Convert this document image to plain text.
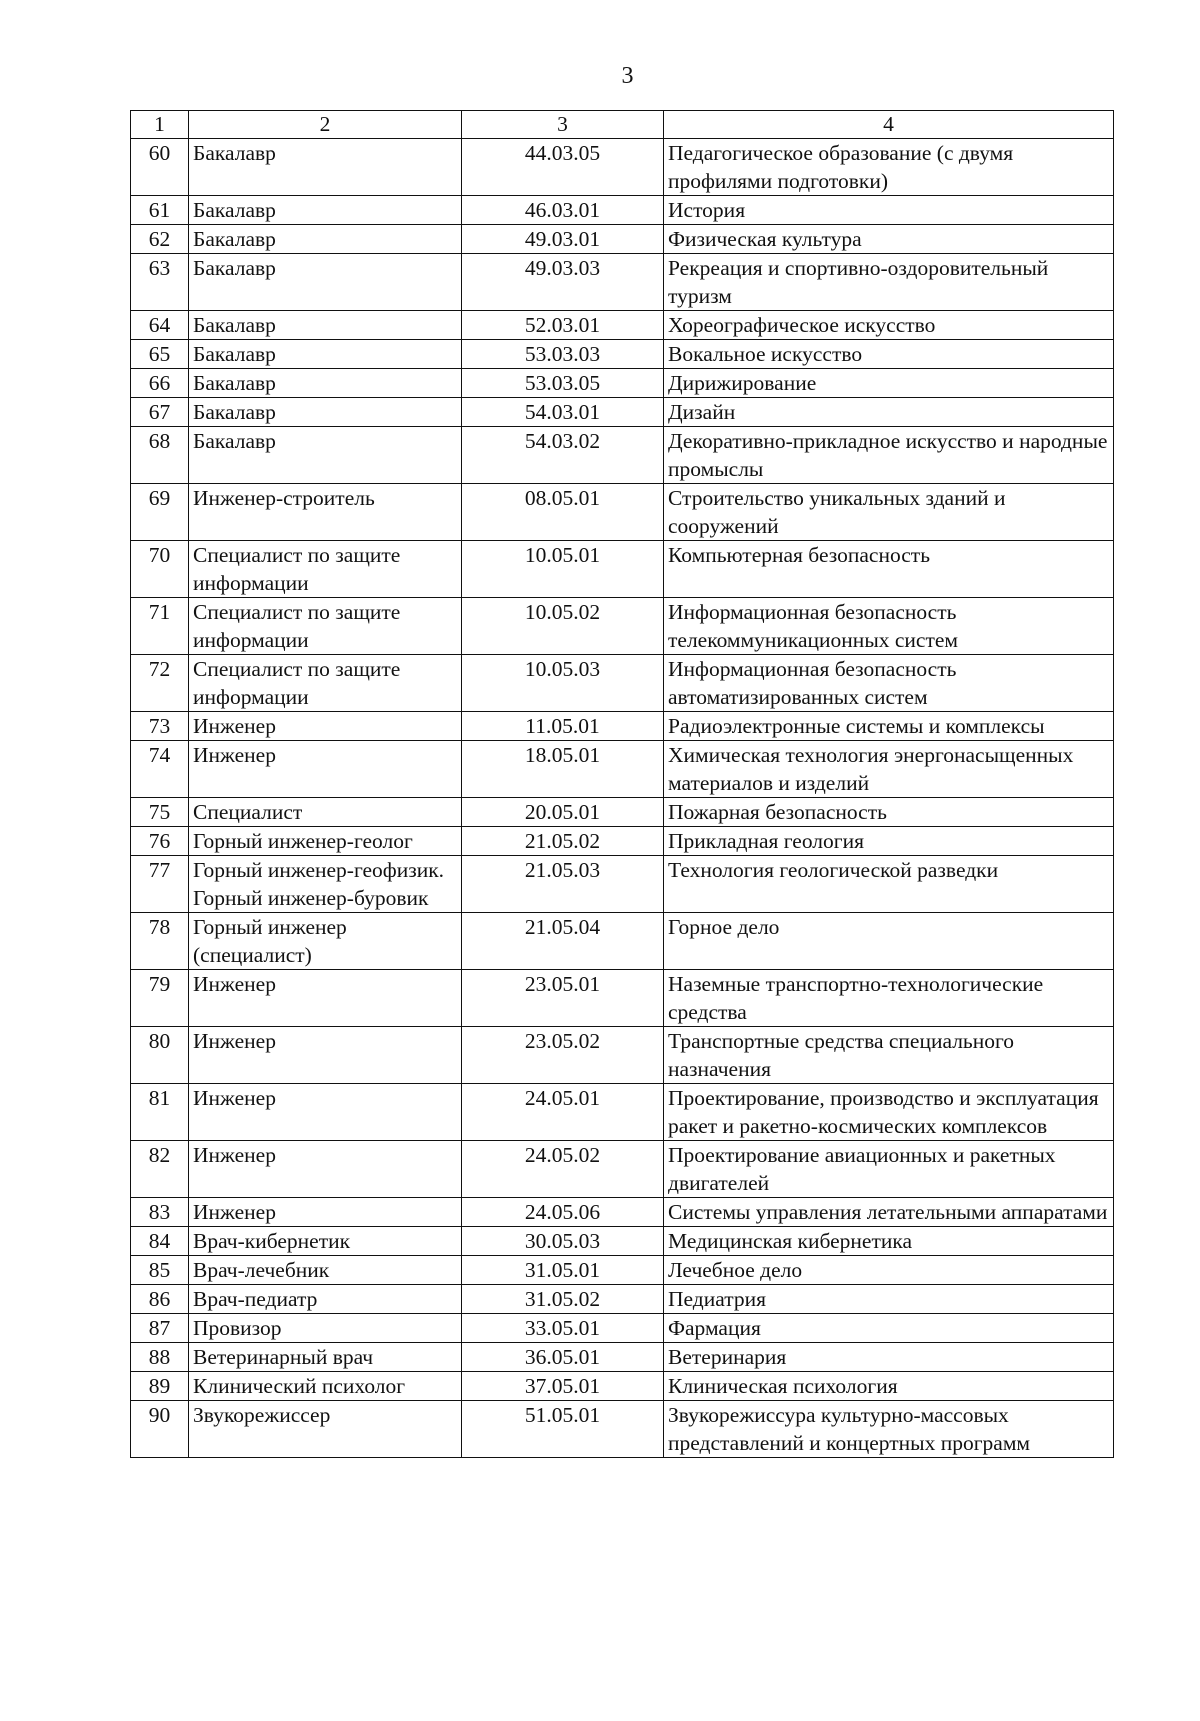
3
1	2	3	4
60	Бакалавр	44.03.05	Педагогическое образование (с двумя профилями подготовки)
61	Бакалавр	46.03.01	История
62	Бакалавр	49.03.01	Физическая культура
63	Бакалавр	49.03.03	Рекреация и спортивно-оздоровительный туризм
64	Бакалавр	52.03.01	Хореографическое искусство
65	Бакалавр	53.03.03	Вокальное искусство
66	Бакалавр	53.03.05	Дирижирование
67	Бакалавр	54.03.01	Дизайн
68	Бакалавр	54.03.02	Декоративно-прикладное искусство и народные промыслы
69	Инженер-строитель	08.05.01	Строительство уникальных зданий и сооружений
70	Специалист по защите информации	10.05.01	Компьютерная безопасность
71	Специалист по защите информации	10.05.02	Информационная безопасность телекоммуникационных систем
72	Специалист по защите информации	10.05.03	Информационная безопасность автоматизированных систем
73	Инженер	11.05.01	Радиоэлектронные системы и комплексы
74	Инженер	18.05.01	Химическая технология энергонасыщенных материалов и изделий
75	Специалист	20.05.01	Пожарная безопасность
76	Горный инженер-геолог	21.05.02	Прикладная геология
77	Горный инженер-геофизик. Горный инженер-буровик	21.05.03	Технология геологической разведки
78	Горный инженер (специалист)	21.05.04	Горное дело
79	Инженер	23.05.01	Наземные транспортно-технологические средства
80	Инженер	23.05.02	Транспортные средства специального назначения
81	Инженер	24.05.01	Проектирование, производство и эксплуатация ракет и ракетно-космических комплексов
82	Инженер	24.05.02	Проектирование авиационных и ракетных двигателей
83	Инженер	24.05.06	Системы управления летательными аппаратами
84	Врач-кибернетик	30.05.03	Медицинская кибернетика
85	Врач-лечебник	31.05.01	Лечебное дело
86	Врач-педиатр	31.05.02	Педиатрия
87	Провизор	33.05.01	Фармация
88	Ветеринарный врач	36.05.01	Ветеринария
89	Клинический психолог	37.05.01	Клиническая психология
90	Звукорежиссер	51.05.01	Звукорежиссура культурно-массовых представлений и концертных программ
